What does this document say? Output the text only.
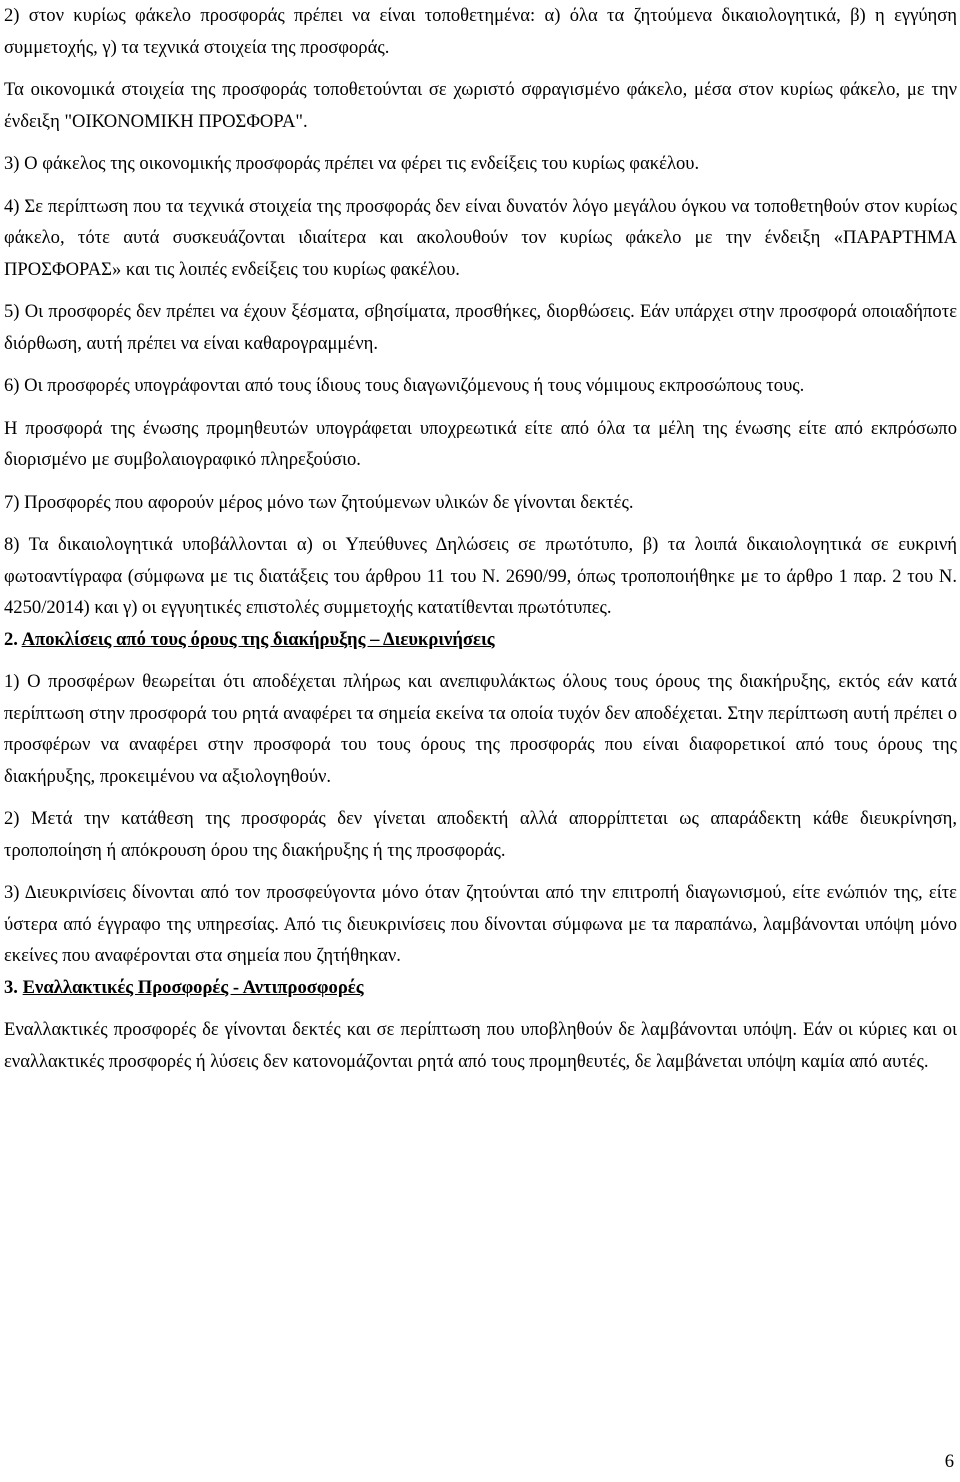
2) στον κυρίως φάκελο προσφοράς πρέπει να είναι τοποθετημένα: α) όλα τα ζητούμενα δικαιολογητικά, β) η εγγύηση συμμετοχής, γ) τα τεχνικά στοιχεία της προσφοράς.

Τα οικονομικά στοιχεία της προσφοράς τοποθετούνται σε χωριστό σφραγισμένο φάκελο, μέσα στον κυρίως φάκελο, με την ένδειξη "ΟΙΚΟΝΟΜΙΚΗ ΠΡΟΣΦΟΡΑ".

3) Ο φάκελος της οικονομικής προσφοράς πρέπει να φέρει τις ενδείξεις του κυρίως φακέλου.

4) Σε περίπτωση που τα τεχνικά στοιχεία της προσφοράς δεν είναι δυνατόν λόγο μεγάλου όγκου να τοποθετηθούν στον κυρίως φάκελο, τότε αυτά συσκευάζονται ιδιαίτερα και ακολουθούν τον κυρίως φάκελο με την ένδειξη «ΠΑΡΑΡΤΗΜΑ ΠΡΟΣΦΟΡΑΣ» και τις λοιπές ενδείξεις του κυρίως φακέλου.

5) Οι προσφορές δεν πρέπει να έχουν ξέσματα, σβησίματα, προσθήκες, διορθώσεις. Εάν υπάρχει στην προσφορά οποιαδήποτε διόρθωση, αυτή πρέπει να είναι καθαρογραμμένη.

6) Οι προσφορές υπογράφονται από τους ίδιους τους διαγωνιζόμενους ή τους νόμιμους εκπροσώπους τους.

Η προσφορά της ένωσης προμηθευτών υπογράφεται υποχρεωτικά είτε από όλα τα μέλη της ένωσης είτε από εκπρόσωπο διορισμένο με συμβολαιογραφικό πληρεξούσιο.

7) Προσφορές που αφορούν μέρος μόνο των ζητούμενων υλικών δε γίνονται δεκτές.

8) Τα δικαιολογητικά υποβάλλονται α) οι Υπεύθυνες Δηλώσεις σε πρωτότυπο, β) τα λοιπά δικαιολογητικά σε ευκρινή φωτοαντίγραφα (σύμφωνα με τις διατάξεις του άρθρου 11 του Ν. 2690/99, όπως τροποποιήθηκε με το άρθρο 1 παρ. 2 του Ν. 4250/2014) και γ) οι εγγυητικές επιστολές συμμετοχής κατατίθενται πρωτότυπες.

2. Αποκλίσεις από τους όρους της διακήρυξης – Διευκρινήσεις

1) Ο προσφέρων θεωρείται ότι αποδέχεται πλήρως και ανεπιφυλάκτως όλους τους όρους της διακήρυξης, εκτός εάν κατά περίπτωση στην προσφορά του ρητά αναφέρει τα σημεία εκείνα τα οποία τυχόν δεν αποδέχεται. Στην περίπτωση αυτή πρέπει ο προσφέρων να αναφέρει στην προσφορά του τους όρους της προσφοράς που είναι διαφορετικοί από τους όρους της διακήρυξης, προκειμένου να αξιολογηθούν.

2) Μετά την κατάθεση της προσφοράς δεν γίνεται αποδεκτή αλλά απορρίπτεται ως απαράδεκτη κάθε διευκρίνηση, τροποποίηση ή απόκρουση όρου της διακήρυξης ή της προσφοράς.

3) Διευκρινίσεις δίνονται από τον προσφεύγοντα μόνο όταν ζητούνται από την επιτροπή διαγωνισμού, είτε ενώπιόν της, είτε ύστερα από έγγραφο της υπηρεσίας. Από τις διευκρινίσεις που δίνονται σύμφωνα με τα παραπάνω, λαμβάνονται υπόψη μόνο εκείνες που αναφέρονται στα σημεία που ζητήθηκαν.

3. Εναλλακτικές Προσφορές - Αντιπροσφορές

Εναλλακτικές προσφορές δε γίνονται δεκτές και σε περίπτωση που υποβληθούν δε λαμβάνονται υπόψη. Εάν οι κύριες και οι εναλλακτικές προσφορές ή λύσεις δεν κατονομάζονται ρητά από τους προμηθευτές, δε λαμβάνεται υπόψη καμία από αυτές.

6
